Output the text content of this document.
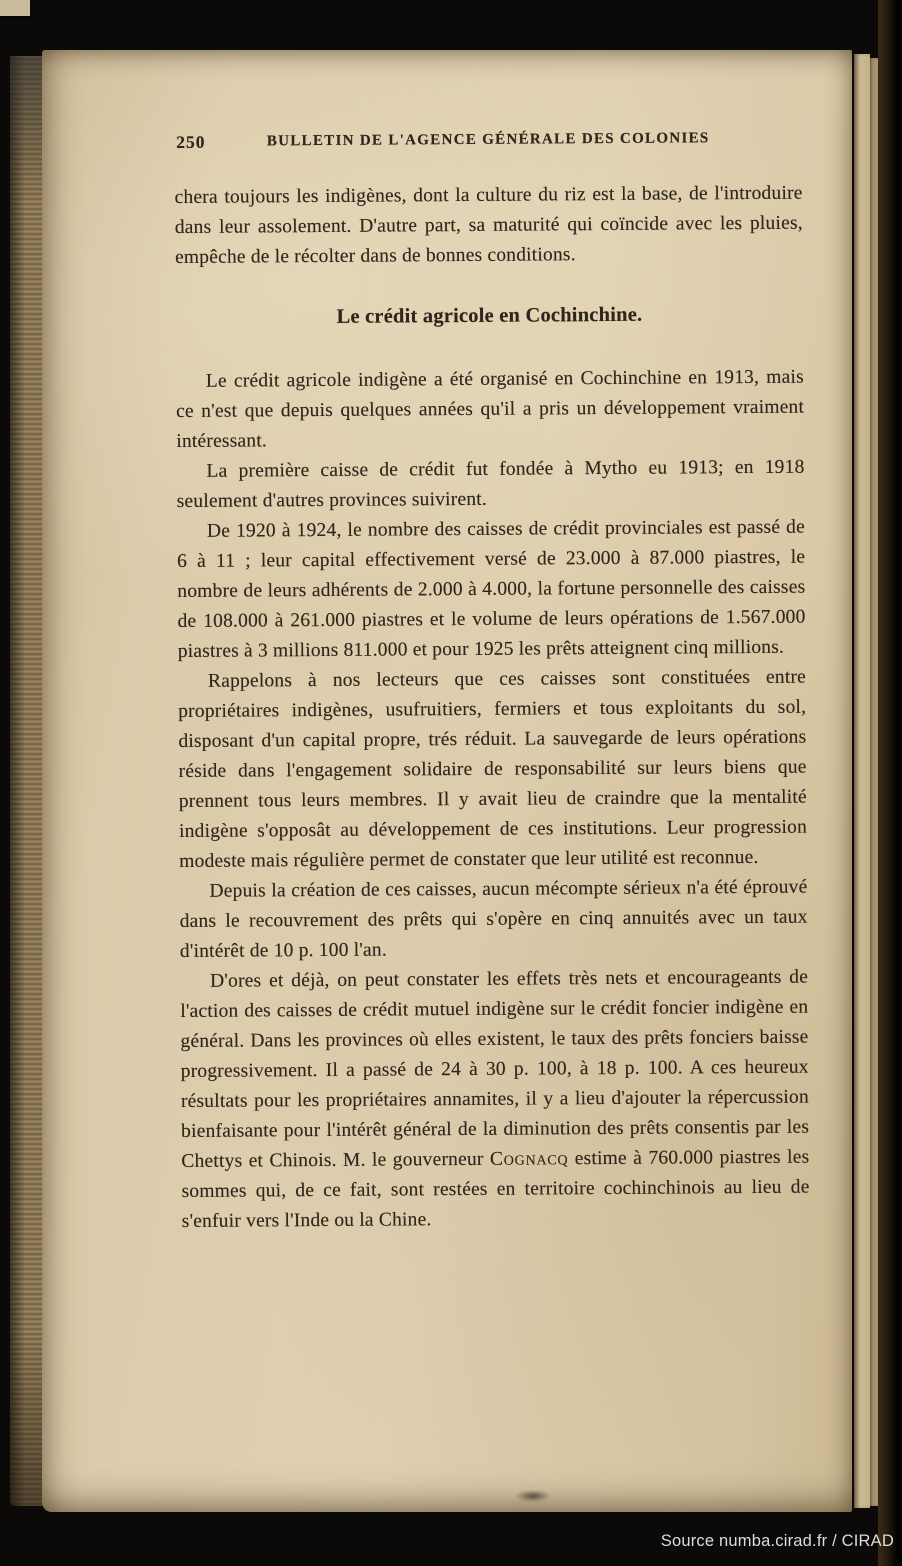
250	BULLETIN DE L'AGENCE GÉNÉRALE DES COLONIES

chera toujours les indigènes, dont la culture du riz est la base, de l'introduire dans leur assolement. D'autre part, sa maturité qui coïncide avec les pluies, empêche de le récolter dans de bonnes conditions.

Le crédit agricole en Cochinchine.

Le crédit agricole indigène a été organisé en Cochinchine en 1913, mais ce n'est que depuis quelques années qu'il a pris un développement vraiment intéressant.

La première caisse de crédit fut fondée à Mytho eu 1913; en 1918 seulement d'autres provinces suivirent.

De 1920 à 1924, le nombre des caisses de crédit provinciales est passé de 6 à 11 ; leur capital effectivement versé de 23.000 à 87.000 piastres, le nombre de leurs adhérents de 2.000 à 4.000, la fortune personnelle des caisses de 108.000 à 261.000 piastres et le volume de leurs opérations de 1.567.000 piastres à 3 millions 811.000 et pour 1925 les prêts atteignent cinq millions.

Rappelons à nos lecteurs que ces caisses sont constituées entre propriétaires indigènes, usufruitiers, fermiers et tous exploitants du sol, disposant d'un capital propre, trés réduit. La sauvegarde de leurs opérations réside dans l'engagement solidaire de responsabilité sur leurs biens que prennent tous leurs membres. Il y avait lieu de craindre que la mentalité indigène s'opposât au développement de ces institutions. Leur progression modeste mais régulière permet de constater que leur utilité est reconnue.

Depuis la création de ces caisses, aucun mécompte sérieux n'a été éprouvé dans le recouvrement des prêts qui s'opère en cinq annuités avec un taux d'intérêt de 10 p. 100 l'an.

D'ores et déjà, on peut constater les effets très nets et encourageants de l'action des caisses de crédit mutuel indigène sur le crédit foncier indigène en général. Dans les provinces où elles existent, le taux des prêts fonciers baisse progressivement. Il a passé de 24 à 30 p. 100, à 18 p. 100. A ces heureux résultats pour les propriétaires annamites, il y a lieu d'ajouter la répercussion bienfaisante pour l'intérêt général de la diminution des prêts consentis par les Chettys et Chinois. M. le gouverneur Cognacq estime à 760.000 piastres les sommes qui, de ce fait, sont restées en territoire cochinchinois au lieu de s'enfuir vers l'Inde ou la Chine.

Source numba.cirad.fr / CIRAD
